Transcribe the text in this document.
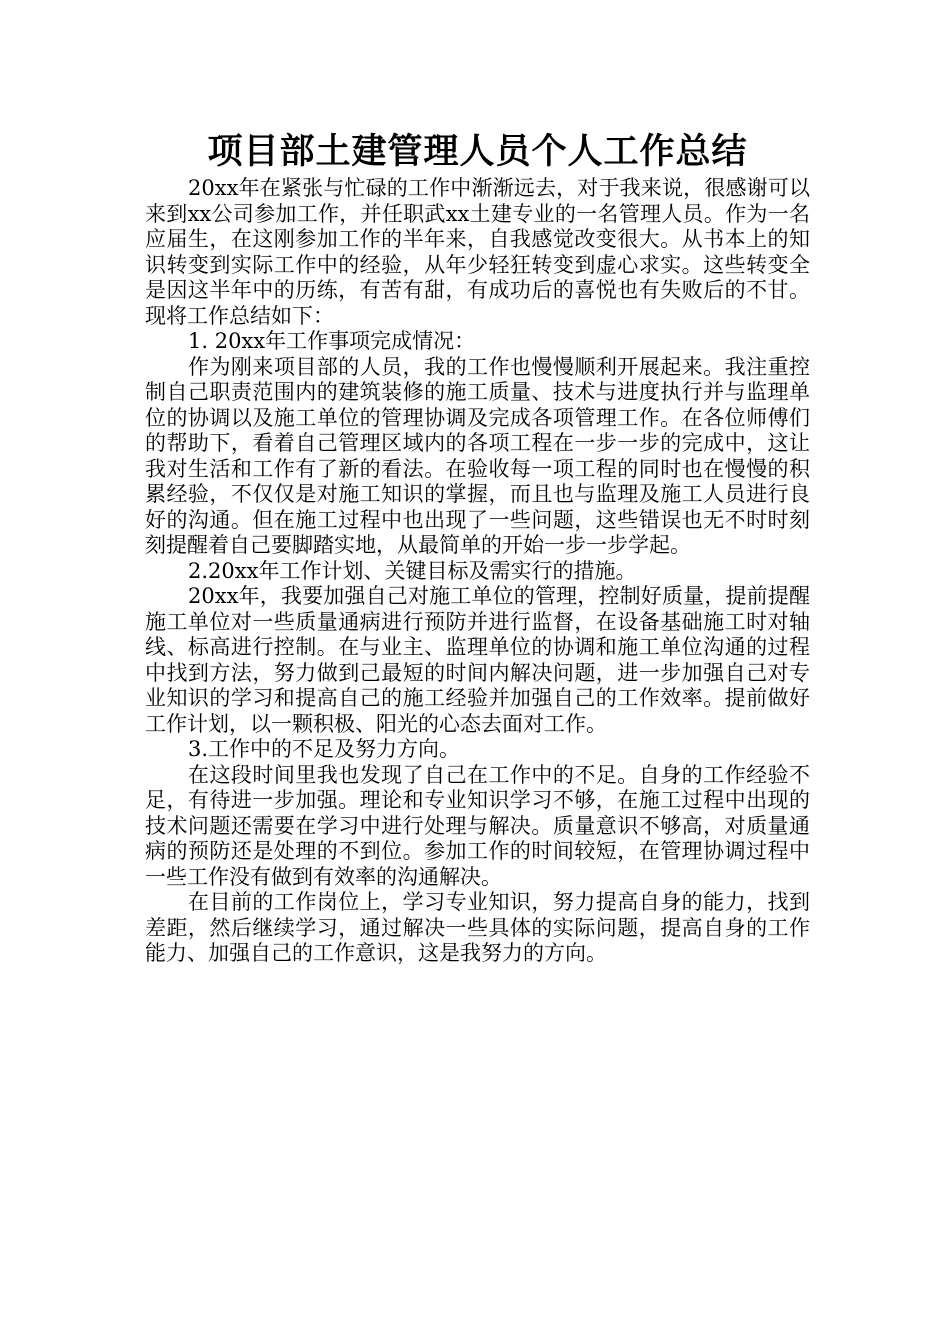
项目部土建管理人员个人工作总结

20xx年在紧张与忙碌的工作中渐渐远去，对于我来说，很感谢可以来到xx公司参加工作，并任职武xx土建专业的一名管理人员。作为一名应届生，在这刚参加工作的半年来，自我感觉改变很大。从书本上的知识转变到实际工作中的经验，从年少轻狂转变到虚心求实。这些转变全是因这半年中的历练，有苦有甜，有成功后的喜悦也有失败后的不甘。现将工作总结如下：

1. 20xx年工作事项完成情况：

作为刚来项目部的人员，我的工作也慢慢顺利开展起来。我注重控制自己职责范围内的建筑装修的施工质量、技术与进度执行并与监理单位的协调以及施工单位的管理协调及完成各项管理工作。在各位师傅们的帮助下，看着自己管理区域内的各项工程在一步一步的完成中，这让我对生活和工作有了新的看法。在验收每一项工程的同时也在慢慢的积累经验，不仅仅是对施工知识的掌握，而且也与监理及施工人员进行良好的沟通。但在施工过程中也出现了一些问题，这些错误也无不时时刻刻提醒着自己要脚踏实地，从最简单的开始一步一步学起。

2.20xx年工作计划、关键目标及需实行的措施。

20xx年，我要加强自己对施工单位的管理，控制好质量，提前提醒施工单位对一些质量通病进行预防并进行监督，在设备基础施工时对轴线、标高进行控制。在与业主、监理单位的协调和施工单位沟通的过程中找到方法，努力做到己最短的时间内解决问题，进一步加强自己对专业知识的学习和提高自己的施工经验并加强自己的工作效率。提前做好工作计划，以一颗积极、阳光的心态去面对工作。

3.工作中的不足及努力方向。

在这段时间里我也发现了自己在工作中的不足。自身的工作经验不足，有待进一步加强。理论和专业知识学习不够，在施工过程中出现的技术问题还需要在学习中进行处理与解决。质量意识不够高，对质量通病的预防还是处理的不到位。参加工作的时间较短，在管理协调过程中一些工作没有做到有效率的沟通解决。

在目前的工作岗位上，学习专业知识，努力提高自身的能力，找到差距，然后继续学习，通过解决一些具体的实际问题，提高自身的工作能力、加强自己的工作意识，这是我努力的方向。
